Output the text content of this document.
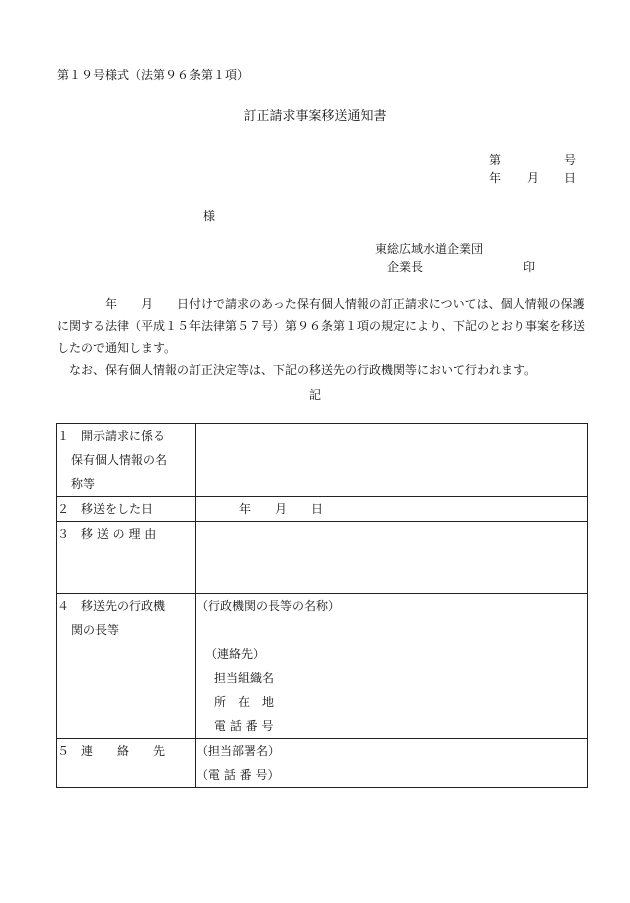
第１９号様式（法第９６条第１項）
訂正請求事案移送通知書
第	号
年 月 日
様
東総広域水道企業団
企業長	印

　　年　　月　　日付けで請求のあった保有個人情報の訂正請求については、個人情報の保護に関する法律（平成１５年法律第５７号）第９６条第１項の規定により、下記のとおり事案を移送したので通知します。

　なお、保有個人情報の訂正決定等は、下記の移送先の行政機関等において行われます。

記
１　開示請求に係る
保有個人情報の名
称等	

２　移送をした日	年　　月　　日
３　移 送 の 理 由	
４　移送先の行政機
関の長等	（行政機関の長等の名称）
（連絡先）
担当組織名
所　在　地
電 話 番 号

５　連　　絡　　先	（担当部署名）
（電 話 番 号）
